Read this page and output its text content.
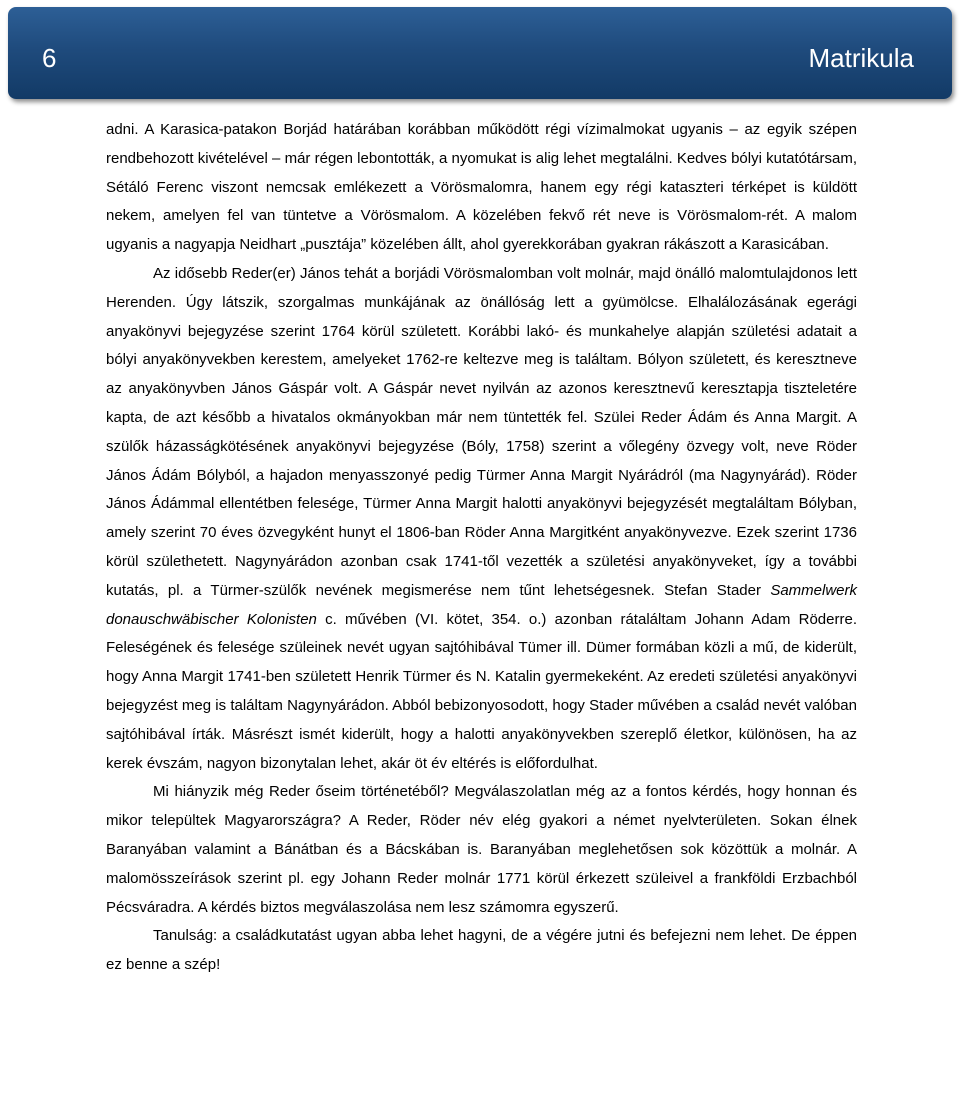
6	Matrikula

adni. A Karasica-patakon Borjád határában korábban működött régi vízimalmokat ugyanis – az egyik szépen rendbehozott kivételével – már régen lebontották, a nyomukat is alig lehet megtalálni. Kedves bólyi kutatótársam, Sétáló Ferenc viszont nemcsak emlékezett a Vörösmalomra, hanem egy régi kataszteri térképet is küldött nekem, amelyen fel van tüntetve a Vörösmalom. A közelében fekvő rét neve is Vörösmalom-rét. A malom ugyanis a nagyapja Neidhart „pusztája” közelében állt, ahol gyerekkorában gyakran rákászott a Karasicában.

Az idősebb Reder(er) János tehát a borjádi Vörösmalomban volt molnár, majd önálló malomtulajdonos lett Herenden. Úgy látszik, szorgalmas munkájának az önállóság lett a gyümölcse. Elhalálozásának egerági anyakönyvi bejegyzése szerint 1764 körül született. Korábbi lakó- és munkahelye alapján születési adatait a bólyi anyakönyvekben kerestem, amelyeket 1762-re keltezve meg is találtam. Bólyon született, és keresztneve az anyakönyvben János Gáspár volt. A Gáspár nevet nyilván az azonos keresztnevű keresztapja tiszteletére kapta, de azt később a hivatalos okmányokban már nem tüntették fel. Szülei Reder Ádám és Anna Margit. A szülők házasságkötésének anyakönyvi bejegyzése (Bóly, 1758) szerint a vőlegény özvegy volt, neve Röder János Ádám Bólyból, a hajadon menyasszonyé pedig Türmer Anna Margit Nyárádról (ma Nagynyárád). Röder János Ádámmal ellentétben felesége, Türmer Anna Margit halotti anyakönyvi bejegyzését megtaláltam Bólyban, amely szerint 70 éves özvegyként hunyt el 1806-ban Röder Anna Margitként anyakönyvezve. Ezek szerint 1736 körül születhetett. Nagynyárádon azonban csak 1741-től vezették a születési anyakönyveket, így a további kutatás, pl. a Türmer-szülők nevének megismerése nem tűnt lehetségesnek. Stefan Stader Sammelwerk donauschwäbischer Kolonisten c. művében (VI. kötet, 354. o.) azonban rátaláltam Johann Adam Röderre. Feleségének és felesége szüleinek nevét ugyan sajtóhibával Tümer ill. Dümer formában közli a mű, de kiderült, hogy Anna Margit 1741-ben született Henrik Türmer és N. Katalin gyermekeként. Az eredeti születési anyakönyvi bejegyzést meg is találtam Nagynyárádon. Abból bebizonyosodott, hogy Stader művében a család nevét valóban sajtóhibával írták. Másrészt ismét kiderült, hogy a halotti anyakönyvekben szereplő életkor, különösen, ha az kerek évszám, nagyon bizonytalan lehet, akár öt év eltérés is előfordulhat.

Mi hiányzik még Reder őseim történetéből? Megválaszolatlan még az a fontos kérdés, hogy honnan és mikor települtek Magyarországra? A Reder, Röder név elég gyakori a német nyelvterületen. Sokan élnek Baranyában valamint a Bánátban és a Bácskában is. Baranyában meglehetősen sok közöttük a molnár. A malomösszeírások szerint pl. egy Johann Reder molnár 1771 körül érkezett szüleivel a frankföldi Erzbachból Pécsváradra. A kérdés biztos megválaszolása nem lesz számomra egyszerű.

Tanulság: a családkutatást ugyan abba lehet hagyni, de a végére jutni és befejezni nem lehet. De éppen ez benne a szép!
